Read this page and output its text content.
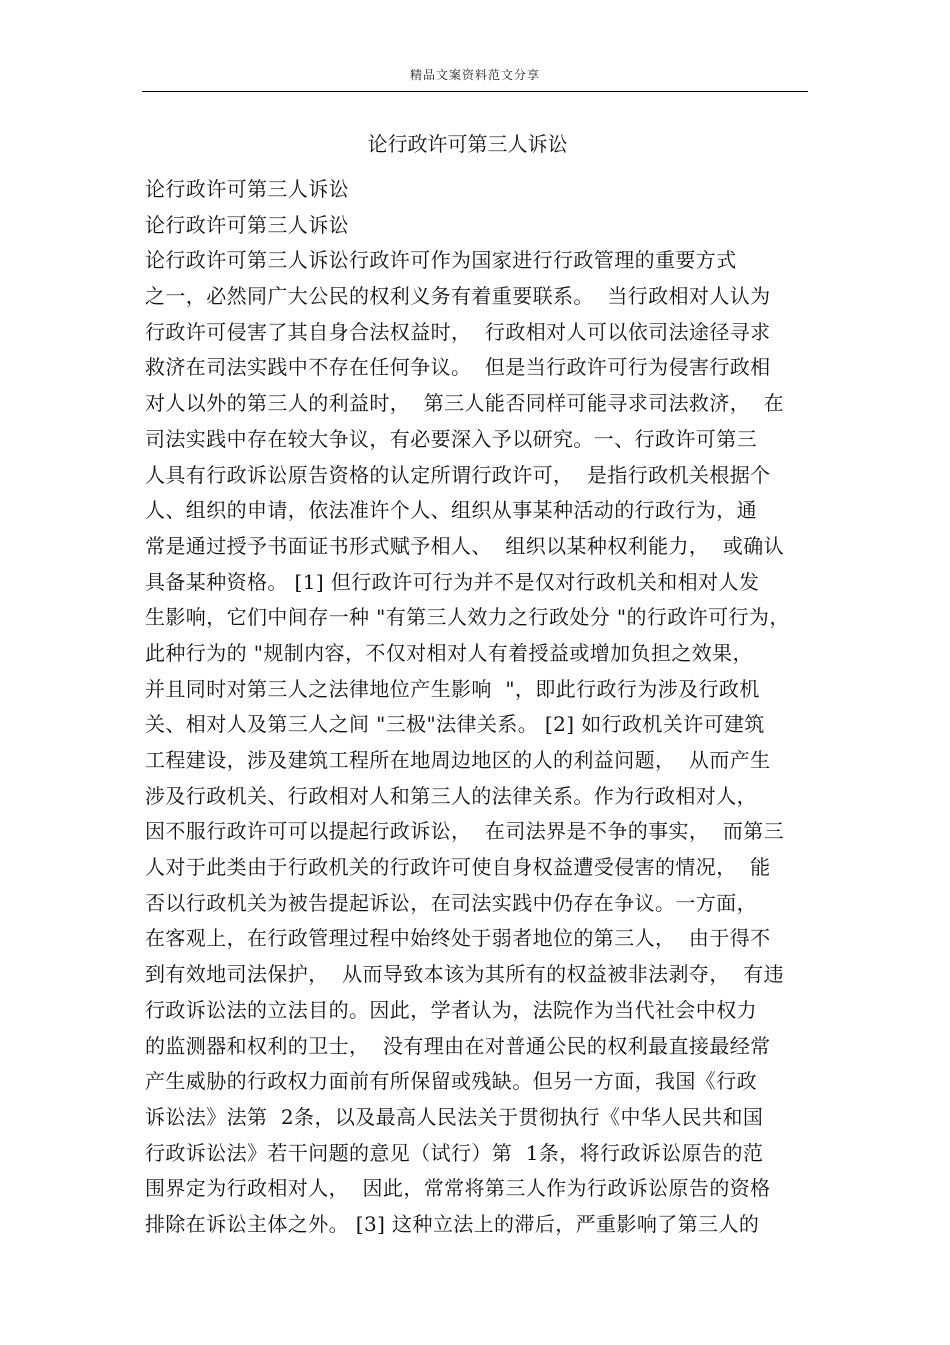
精品文案资料范文分享
论行政许可第三人诉讼
论行政许可第三人诉讼
论行政许可第三人诉讼
论行政许可第三人诉讼行政许可作为国家进行行政管理的重要方式
之一，必然同广大公民的权利义务有着重要联系。  当行政相对人认为
行政许可侵害了其自身合法权益时，  行政相对人可以依司法途径寻求
救济在司法实践中不存在任何争议。  但是当行政许可行为侵害行政相
对人以外的第三人的利益时，  第三人能否同样可能寻求司法救济，  在
司法实践中存在较大争议，有必要深入予以研究。一、行政许可第三
人具有行政诉讼原告资格的认定所谓行政许可，  是指行政机关根据个
人、组织的申请，依法准许个人、组织从事某种活动的行政行为，通
常是通过授予书面证书形式赋予相人、  组织以某种权利能力，  或确认
具备某种资格。 [1] 但行政许可行为并不是仅对行政机关和相对人发
生影响，它们中间存一种 "有第三人效力之行政处分 "的行政许可行为，
此种行为的 "规制内容，不仅对相对人有着授益或增加负担之效果，
并且同时对第三人之法律地位产生影响  "，即此行政行为涉及行政机
关、相对人及第三人之间 "三极"法律关系。 [2] 如行政机关许可建筑
工程建设，涉及建筑工程所在地周边地区的人的利益问题，  从而产生
涉及行政机关、行政相对人和第三人的法律关系。作为行政相对人，
因不服行政许可可以提起行政诉讼，  在司法界是不争的事实，  而第三
人对于此类由于行政机关的行政许可使自身权益遭受侵害的情况，  能
否以行政机关为被告提起诉讼，在司法实践中仍存在争议。一方面，
在客观上，在行政管理过程中始终处于弱者地位的第三人，  由于得不
到有效地司法保护，  从而导致本该为其所有的权益被非法剥夺，  有违
行政诉讼法的立法目的。因此，学者认为，法院作为当代社会中权力
的监测器和权利的卫士，  没有理由在对普通公民的权利最直接最经常
产生威胁的行政权力面前有所保留或残缺。但另一方面，我国《行政
诉讼法》法第  2条，以及最高人民法关于贯彻执行《中华人民共和国
行政诉讼法》若干问题的意见（试行）第  1条，将行政诉讼原告的范
围界定为行政相对人，  因此，常常将第三人作为行政诉讼原告的资格
排除在诉讼主体之外。 [3] 这种立法上的滞后，严重影响了第三人的
